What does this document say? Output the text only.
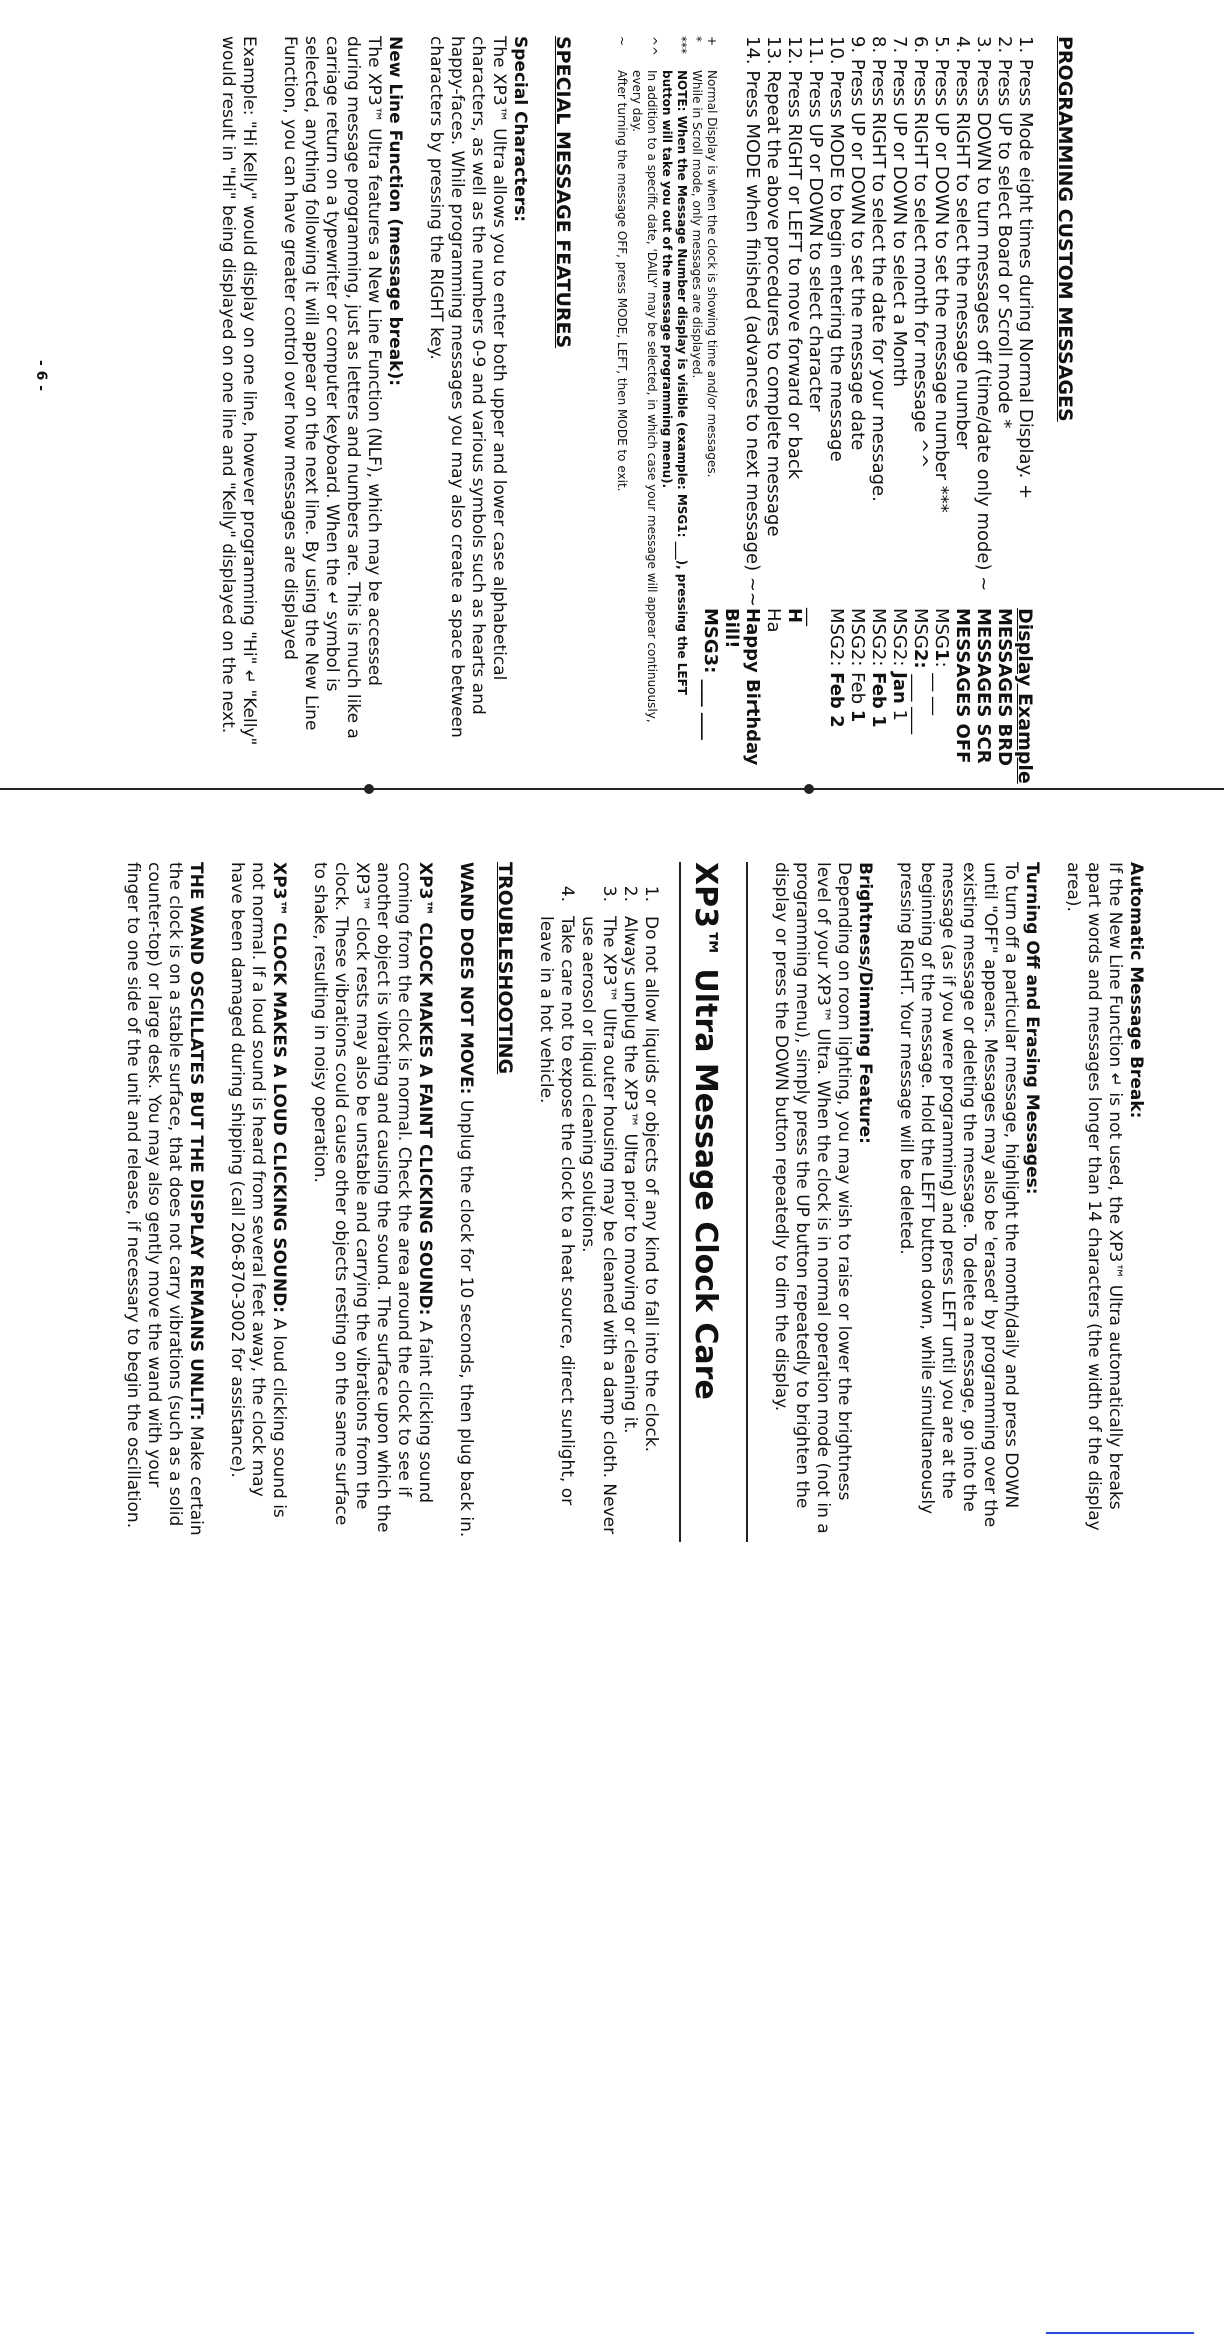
PROGRAMMING CUSTOM MESSAGES
1. Press Mode eight times during Normal Display. +
2. Press UP to select Board or Scroll mode *
3. Press DOWN to turn messages off (time/date only mode) ~
4. Press RIGHT to select the message number
5. Press UP or DOWN to set the message number ***
6. Press RIGHT to select month for message ^^
7. Press UP or DOWN to select a Month
8. Press RIGHT to select the date for your message.
9. Press UP or DOWN to set the message date
10. Press MODE to begin entering the message
11. Press UP or DOWN to select character
12. Press RIGHT or LEFT to move forward or back
13. Repeat the above procedures to complete message
14. Press MODE when finished (advances to next message) ~~
Display Example
MESSAGES BRD
MESSAGES SCR
MESSAGES OFF
MSG1: __ __
MSG2: ___ ___
MSG2: Jan 1
MSG2: Feb 1
MSG2: Feb 1
MSG2: Feb 2
__
H
Ha
Happy Birthday Bill!
MSG3: ___ ___
+
Normal Display is when the clock is showing time and/or messages.
*
While in Scroll mode, only messages are displayed.
***
NOTE: When the Message Number display is visible (example: MSG1: ___), pressing the LEFT button will take you out of the message programming menu).
^^
In addition to a specific date, 'DAILY' may be selected, in which case your message will appear continuously, every day.
~
After turning the message OFF, press MODE, LEFT, then MODE to exit.
SPECIAL MESSAGE FEATURES

Special Characters:

The XP3™ Ultra allows you to enter both upper and lower case alphabetical characters, as well as the numbers 0-9 and various symbols such as hearts and happy-faces. While programming messages you may also create a space between characters by pressing the RIGHT key.

New Line Function (message break):

The XP3™ Ultra features a New Line Function (NLF), which may be accessed during message programming, just as letters and numbers are. This is much like a carriage return on a typewriter or computer keyboard. When the ↵ symbol is selected, anything following it will appear on the next line. By using the New Line Function, you can have greater control over how messages are displayed

Example: "Hi Kelly" would display on one line, however programming "Hi" ↵ "Kelly" would result in "Hi" being displayed on one line and "Kelly" displayed on the next.

- 6 -

Automatic Message Break:

If the New Line Function ↵ is not used, the XP3™ Ultra automatically breaks apart words and messages longer than 14 characters (the width of the display area).

Turning Off and Erasing Messages:

To turn off a particular message, highlight the month/daily and press DOWN until "OFF" appears. Messages may also be 'erased' by programming over the existing message or deleting the message. To delete a message, go into the message (as if you were programming) and press LEFT until you are at the beginning of the message. Hold the LEFT button down, while simultaneously pressing RIGHT. Your message will be deleted.

Brightness/Dimming Feature:

Depending on room lighting, you may wish to raise or lower the brightness level of your XP3™ Ultra. When the clock is in normal operation mode (not in a programming menu), simply press the UP button repeatedly to brighten the display or press the DOWN button repeatedly to dim the display.

XP3™ Ultra Message Clock Care
1.
Do not allow liquids or objects of any kind to fall into the clock.
2.
Always unplug the XP3™ Ultra prior to moving or cleaning it.
3.
The XP3™ Ultra outer housing may be cleaned with a damp cloth. Never use aerosol or liquid cleaning solutions.
4.
Take care not to expose the clock to a heat source, direct sunlight, or leave in a hot vehicle.
TROUBLESHOOTING

WAND DOES NOT MOVE: Unplug the clock for 10 seconds, then plug back in.

XP3™ CLOCK MAKES A FAINT CLICKING SOUND: A faint clicking sound coming from the clock is normal. Check the area around the clock to see if another object is vibrating and causing the sound. The surface upon which the XP3™ clock rests may also be unstable and carrying the vibrations from the clock. These vibrations could cause other objects resting on the same surface to shake, resulting in noisy operation.

XP3™ CLOCK MAKES A LOUD CLICKING SOUND: A loud clicking sound is not normal. If a loud sound is heard from several feet away, the clock may have been damaged during shipping (call 206-870-3002 for assistance).

THE WAND OSCILLATES BUT THE DISPLAY REMAINS UNLIT: Make certain the clock is on a stable surface, that does not carry vibrations (such as a solid counter-top) or large desk. You may also gently move the wand with your finger to one side of the unit and release, if necessary to begin the oscillation.
